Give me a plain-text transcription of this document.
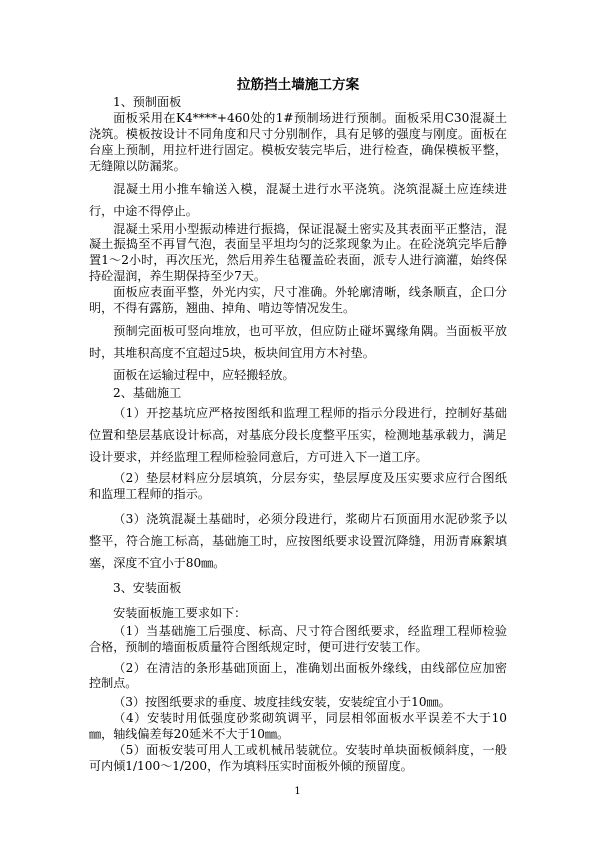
拉筋挡土墙施工方案

1、预制面板

面板采用在K4****+460处的1#预制场进行预制。面板采用C30混凝土浇筑。模板按设计不同角度和尺寸分别制作，具有足够的强度与刚度。面板在台座上预制，用拉杆进行固定。模板安装完毕后，进行检查，确保模板平整，无缝隙以防漏浆。

混凝土用小推车输送入模，混凝土进行水平浇筑。浇筑混凝土应连续进行，中途不得停止。

混凝土采用小型振动棒进行振捣，保证混凝土密实及其表面平正整洁，混凝土振捣至不再冒气泡，表面呈平坦均匀的泛浆现象为止。在砼浇筑完毕后静置1～2小时，再次压光，然后用养生毡覆盖砼表面，派专人进行滴灌，始终保持砼湿润，养生期保持至少7天。

面板应表面平整，外光内实，尺寸准确。外轮廓清晰，线条顺直，企口分明，不得有露筋，翘曲、掉角、啃边等情况发生。

预制完面板可竖向堆放，也可平放，但应防止碰坏翼缘角隅。当面板平放时，其堆积高度不宜超过5块，板块间宜用方木衬垫。

面板在运输过程中，应轻搬轻放。

2、基础施工

（1）开挖基坑应严格按图纸和监理工程师的指示分段进行，控制好基础位置和垫层基底设计标高，对基底分段长度整平压实，检测地基承载力，满足设计要求，并经监理工程师检验同意后，方可进入下一道工序。

（2）垫层材料应分层填筑，分层夯实，垫层厚度及压实要求应行合图纸和监理工程师的指示。

（3）浇筑混凝土基础时，必须分段进行，浆砌片石顶面用水泥砂浆予以整平，符合施工标高，基础施工时，应按图纸要求设置沉降缝，用沥青麻絮填塞，深度不宜小于80㎜。

3、安装面板

安装面板施工要求如下：

（1）当基础施工后强度、标高、尺寸符合图纸要求，经监理工程师检验合格，预制的墙面板质量符合图纸规定时，便可进行安装工作。

（2）在清洁的条形基础顶面上，准确划出面板外缘线，由线部位应加密控制点。

（3）按图纸要求的垂度、坡度挂线安装，安装绽宜小于10㎜。

（4）安装时用低强度砂浆砌筑调平，同层相邻面板水平误差不大于10㎜，轴线偏差每20延米不大于10㎜。

（5）面板安装可用人工或机械吊装就位。安装时单块面板倾斜度，一般可内倾1/100～1/200，作为填料压实时面板外倾的预留度。

1
